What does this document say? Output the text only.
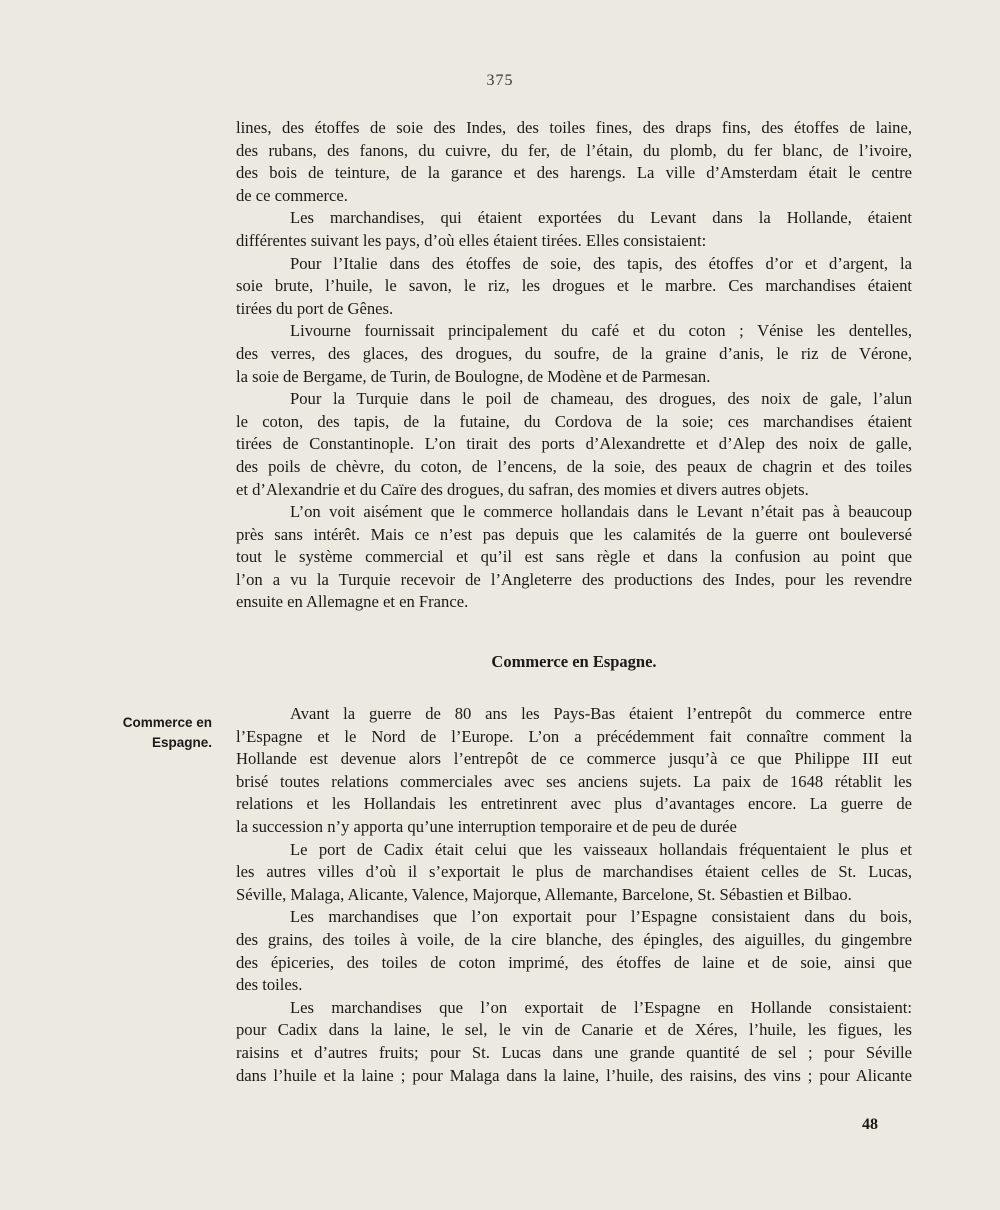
375
lines, des étoffes de soie des Indes, des toiles fines, des draps fins, des étoffes de laine,
des rubans, des fanons, du cuivre, du fer, de l’étain, du plomb, du fer blanc, de l’ivoire,
des bois de teinture, de la garance et des harengs. La ville d’Amsterdam était le centre
de ce commerce.
Les marchandises, qui étaient exportées du Levant dans la Hollande, étaient
différentes suivant les pays, d’où elles étaient tirées. Elles consistaient:
Pour l’Italie dans des étoffes de soie, des tapis, des étoffes d’or et d’argent, la
soie brute, l’huile, le savon, le riz, les drogues et le marbre. Ces marchandises étaient
tirées du port de Gênes.
Livourne fournissait principalement du café et du coton ; Vénise les dentelles,
des verres, des glaces, des drogues, du soufre, de la graine d’anis, le riz de Vérone,
la soie de Bergame, de Turin, de Boulogne, de Modène et de Parmesan.
Pour la Turquie dans le poil de chameau, des drogues, des noix de gale, l’alun
le coton, des tapis, de la futaine, du Cordova de la soie; ces marchandises étaient
tirées de Constantinople. L’on tirait des ports d’Alexandrette et d’Alep des noix de galle,
des poils de chèvre, du coton, de l’encens, de la soie, des peaux de chagrin et des toiles
et d’Alexandrie et du Caïre des drogues, du safran, des momies et divers autres objets.
L’on voit aisément que le commerce hollandais dans le Levant n’était pas à beaucoup
près sans intérêt. Mais ce n’est pas depuis que les calamités de la guerre ont bouleversé
tout le système commercial et qu’il est sans règle et dans la confusion au point que
l’on a vu la Turquie recevoir de l’Angleterre des productions des Indes, pour les revendre
ensuite en Allemagne et en France.
Commerce en Espagne.
Commerce en
Espagne.
Avant la guerre de 80 ans les Pays-Bas étaient l’entrepôt du commerce entre
l’Espagne et le Nord de l’Europe. L’on a précédemment fait connaître comment la
Hollande est devenue alors l’entrepôt de ce commerce jusqu’à ce que Philippe III eut
brisé toutes relations commerciales avec ses anciens sujets. La paix de 1648 rétablit les
relations et les Hollandais les entretinrent avec plus d’avantages encore. La guerre de
la succession n’y apporta qu’une interruption temporaire et de peu de durée
Le port de Cadix était celui que les vaisseaux hollandais fréquentaient le plus et
les autres villes d’où il s’exportait le plus de marchandises étaient celles de St. Lucas,
Séville, Malaga, Alicante, Valence, Majorque, Allemante, Barcelone, St. Sébastien et Bilbao.
Les marchandises que l’on exportait pour l’Espagne consistaient dans du bois,
des grains, des toiles à voile, de la cire blanche, des épingles, des aiguilles, du gingembre
des épiceries, des toiles de coton imprimé, des étoffes de laine et de soie, ainsi que
des toiles.
Les marchandises que l’on exportait de l’Espagne en Hollande consistaient:
pour Cadix dans la laine, le sel, le vin de Canarie et de Xéres, l’huile, les figues, les
raisins et d’autres fruits; pour St. Lucas dans une grande quantité de sel ; pour Séville
dans l’huile et la laine ; pour Malaga dans la laine, l’huile, des raisins, des vins ; pour Alicante
48
